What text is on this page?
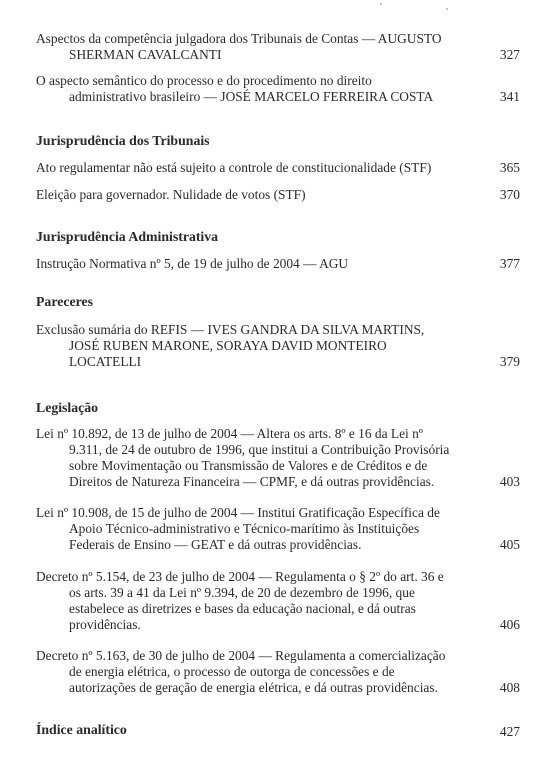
Aspectos da competência julgadora dos Tribunais de Contas — AUGUSTO
SHERMAN CAVALCANTI	327
O aspecto semântico do processo e do procedimento no direito
administrativo brasileiro — JOSÉ MARCELO FERREIRA COSTA	341
Jurisprudência dos Tribunais
Ato regulamentar não está sujeito a controle de constitucionalidade (STF)	365
Eleição para governador. Nulidade de votos (STF)	370
Jurisprudência Administrativa
Instrução Normativa nº 5, de 19 de julho de 2004 — AGU	377
Pareceres
Exclusão sumária do REFIS — IVES GANDRA DA SILVA MARTINS,
JOSÉ RUBEN MARONE, SORAYA DAVID MONTEIRO
LOCATELLI	379
Legislação
Lei nº 10.892, de 13 de julho de 2004 — Altera os arts. 8º e 16 da Lei nº
9.311, de 24 de outubro de 1996, que institui a Contribuição Provisória
sobre Movimentação ou Transmissão de Valores e de Créditos e de
Direitos de Natureza Financeira — CPMF, e dá outras providências.	403
Lei nº 10.908, de 15 de julho de 2004 — Institui Gratificação Específica de
Apoio Técnico-administrativo e Técnico-marítimo às Instituições
Federais de Ensino — GEAT e dá outras providências.	405
Decreto nº 5.154, de 23 de julho de 2004 — Regulamenta o § 2º do art. 36 e
os arts. 39 a 41 da Lei nº 9.394, de 20 de dezembro de 1996, que
estabelece as diretrizes e bases da educação nacional, e dá outras
providências.	406
Decreto nº 5.163, de 30 de julho de 2004 — Regulamenta a comercialização
de energia elétrica, o processo de outorga de concessões e de
autorizações de geração de energia elétrica, e dá outras providências.	408
Índice analítico	427
